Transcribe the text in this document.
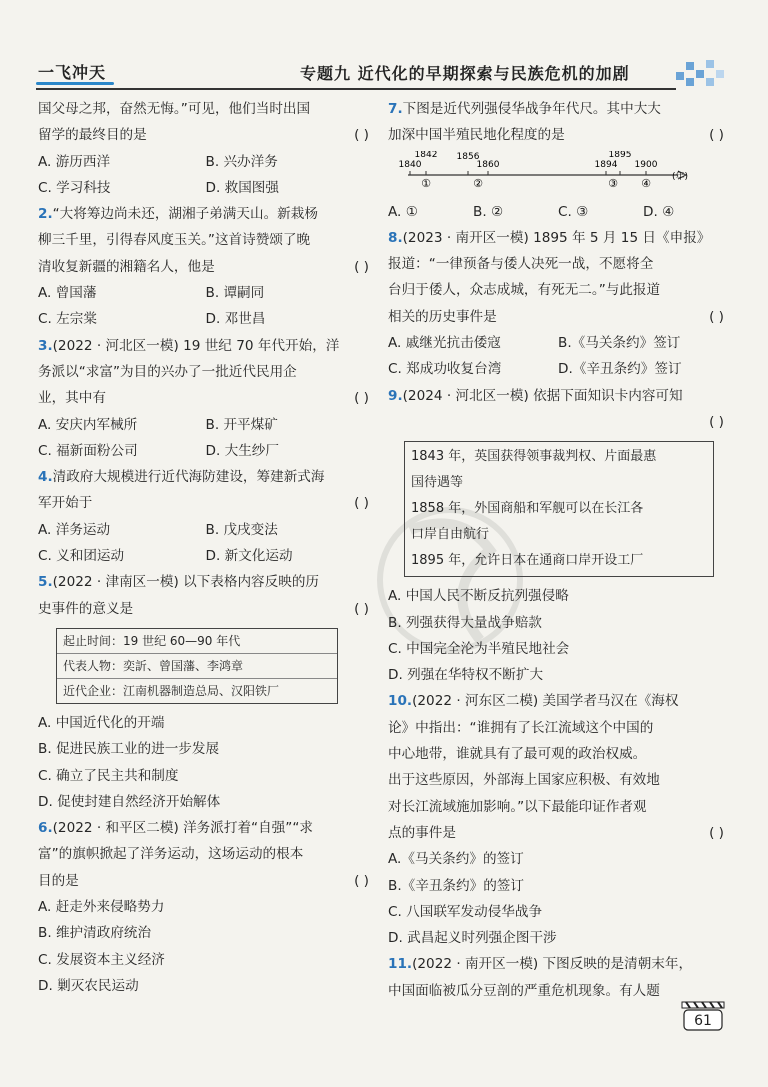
一飞冲天	专题九 近代化的早期探索与民族危机的加剧
国父母之邦，奋然无悔。”可见，他们当时出国
留学的最终目的是	( )
A. 游历西洋	B. 兴办洋务
C. 学习科技	D. 救国图强
2.“大将筹边尚未还，湖湘子弟满天山。新栽杨
柳三千里，引得春风度玉关。”这首诗赞颂了晚
清收复新疆的湘籍名人，他是	( )
A. 曾国藩	B. 谭嗣同
C. 左宗棠	D. 邓世昌
3.(2022 · 河北区一模) 19 世纪 70 年代开始，洋
务派以“求富”为目的兴办了一批近代民用企
业，其中有	( )
A. 安庆内军械所	B. 开平煤矿
C. 福新面粉公司	D. 大生纱厂
4.清政府大规模进行近代海防建设，筹建新式海
军开始于	( )
A. 洋务运动	B. 戊戌变法
C. 义和团运动	D. 新文化运动
5.(2022 · 津南区一模) 以下表格内容反映的历
史事件的意义是	( )
起止时间：19 世纪 60—90 年代
代表人物：奕訢、曾国藩、李鸿章
近代企业：江南机器制造总局、汉阳铁厂
A. 中国近代化的开端
B. 促进民族工业的进一步发展
C. 确立了民主共和制度
D. 促使封建自然经济开始解体
6.(2022 · 和平区二模) 洋务派打着“自强”“求
富”的旗帜掀起了洋务运动，这场运动的根本
目的是	( )
A. 赶走外来侵略势力
B. 维护清政府统治
C. 发展资本主义经济
D. 剿灭农民运动
7.下图是近代列强侵华战争年代尺。其中大大
加深中国半殖民地化程度的是	( )
1840
1842 1856
1860	1894
1895
1900
①	②	③ ④ (年)
A. ①	B. ②	C. ③	D. ④
8.(2023 · 南开区一模) 1895 年 5 月 15 日《申报》
报道：“一律预备与倭人决死一战，不愿将全
台归于倭人，众志成城，有死无二。”与此报道
相关的历史事件是	( )
A. 戚继光抗击倭寇	B.《马关条约》签订
C. 郑成功收复台湾	D.《辛丑条约》签订
9.(2024 · 河北区一模) 依据下面知识卡内容可知
( )
1843 年，英国获得领事裁判权、片面最惠
国待遇等
1858 年，外国商船和军舰可以在长江各
口岸自由航行
1895 年，允许日本在通商口岸开设工厂
A. 中国人民不断反抗列强侵略
B. 列强获得大量战争赔款
C. 中国完全沦为半殖民地社会
D. 列强在华特权不断扩大
10.(2022 · 河东区二模) 美国学者马汉在《海权
论》中指出：“谁拥有了长江流域这个中国的
中心地带，谁就具有了最可观的政治权威。
出于这些原因，外部海上国家应积极、有效地
对长江流域施加影响。”以下最能印证作者观
点的事件是	( )
A.《马关条约》的签订
B.《辛丑条约》的签订
C. 八国联军发动侵华战争
D. 武昌起义时列强企图干涉
11.(2022 · 南开区一模) 下图反映的是清朝末年，
中国面临被瓜分豆剖的严重危机现象。有人题
61
